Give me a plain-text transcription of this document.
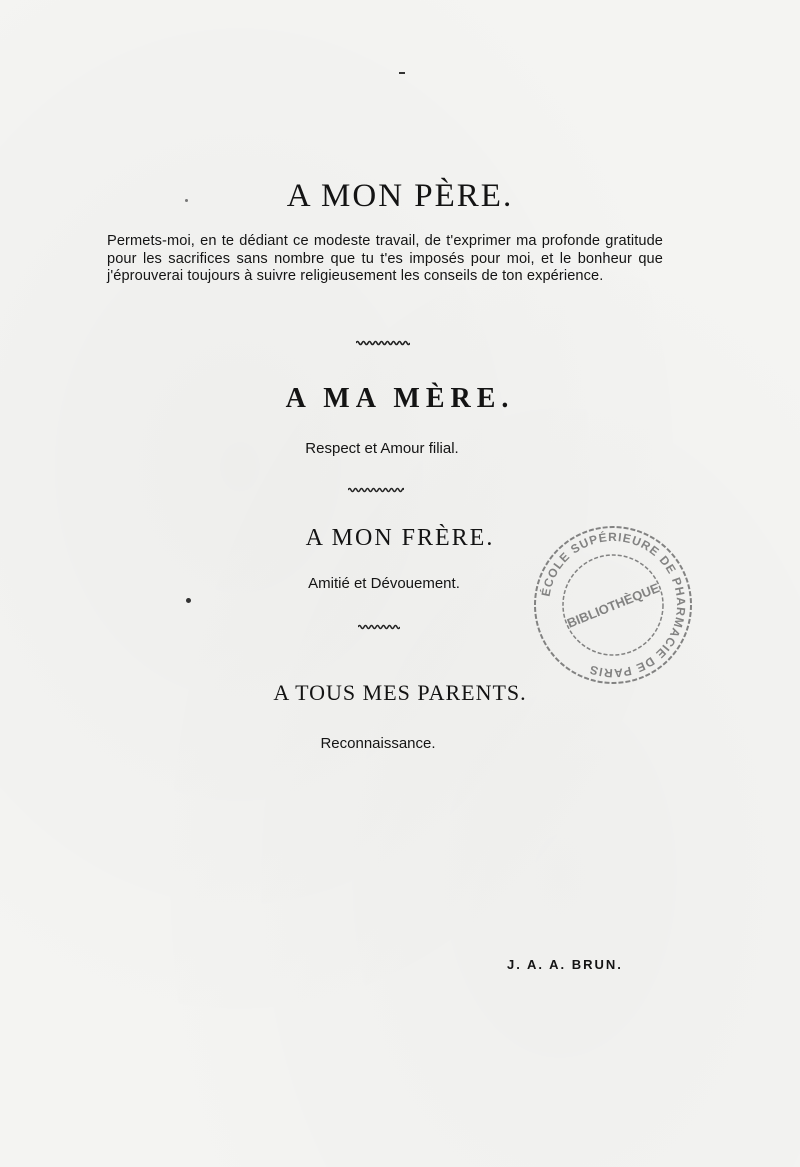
A MON PÈRE.

Permets-moi, en te dédiant ce modeste travail, de t'exprimer ma profonde gratitude pour les sacrifices sans nombre que tu t'es imposés pour moi, et le bonheur que j'éprouverai toujours à suivre religieusement les conseils de ton expérience.

A MA MÈRE.
Respect et Amour filial.
A MON FRÈRE.
Amitié et Dévouement.
A TOUS MES PARENTS.
Reconnaissance.
J. A. A. BRUN.
ÉCOLE SUPÉRIEURE DE PHARMACIE DE PARIS
BIBLIOTHÈQUE
